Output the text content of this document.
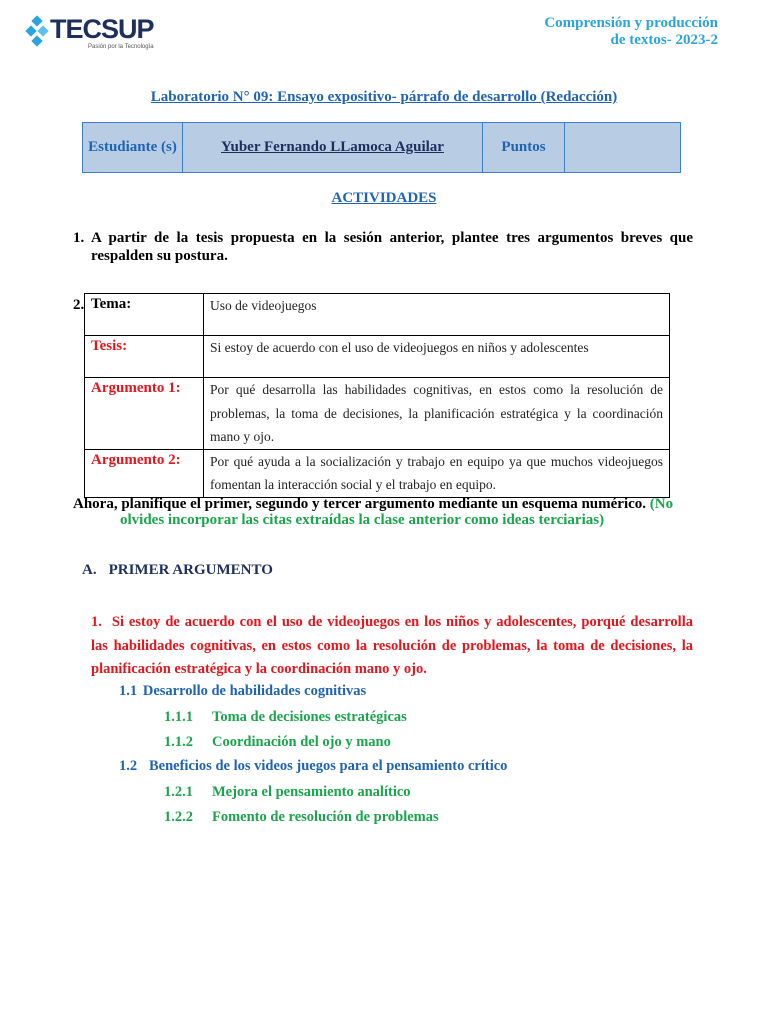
TECSUP
Pasión por la Tecnología
Comprensión y producción
de textos- 2023-2
Laboratorio N° 09: Ensayo expositivo- párrafo de desarrollo (Redacción)
Estudiante (s)	Yuber Fernando LLamoca Aguilar	Puntos	
ACTIVIDADES
1. A partir de la tesis propuesta en la sesión anterior, plantee tres argumentos breves que respalden su postura.
2. Tema:	Uso de videojuegos
Tesis:	Si estoy de acuerdo con el uso de videojuegos en niños y adolescentes
Argumento 1:	Por qué desarrolla las habilidades cognitivas, en estos como la resolución de problemas, la toma de decisiones, la planificación estratégica y la coordinación mano y ojo.
Argumento 2:	Por qué ayuda a la socialización y trabajo en equipo ya que muchos videojuegos fomentan la interacción social y el trabajo en equipo.
Ahora, planifique el primer, segundo y tercer argumento mediante un esquema numérico. (No
olvides incorporar las citas extraídas la clase anterior como ideas terciarias)
A. PRIMER ARGUMENTO
1. Si estoy de acuerdo con el uso de videojuegos en los niños y adolescentes, porqué desarrolla las habilidades cognitivas, en estos como la resolución de problemas, la toma de decisiones, la planificación estratégica y la coordinación mano y ojo.
1.1 Desarrollo de habilidades cognitivas
1.1.1 Toma de decisiones estratégicas
1.1.2 Coordinación del ojo y mano
1.2 Beneficios de los videos juegos para el pensamiento crítico
1.2.1 Mejora el pensamiento analítico
1.2.2 Fomento de resolución de problemas
